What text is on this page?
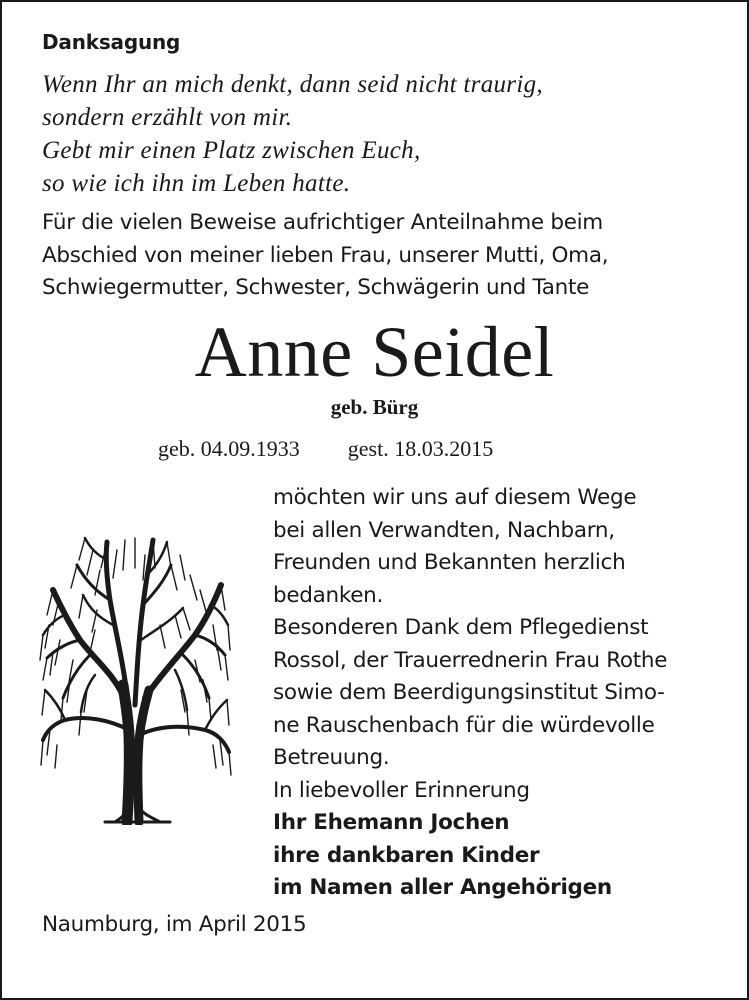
Danksagung
Wenn Ihr an mich denkt, dann seid nicht traurig,
sondern erzählt von mir.
Gebt mir einen Platz zwischen Euch,
so wie ich ihn im Leben hatte.
Für die vielen Beweise aufrichtiger Anteilnahme beim
Abschied von meiner lieben Frau, unserer Mutti, Oma,
Schwiegermutter, Schwester, Schwägerin und Tante
Anne Seidel
geb. Bürg
geb. 04.09.1933 gest. 18.03.2015
möchten wir uns auf diesem Wege
bei allen Verwandten, Nachbarn,
Freunden und Bekannten herzlich
bedanken.
Besonderen Dank dem Pflegedienst
Rossol, der Trauerrednerin Frau Rothe
sowie dem Beerdigungsinstitut Simo-
ne Rauschenbach für die würdevolle
Betreuung.
In liebevoller Erinnerung
Ihr Ehemann Jochen
ihre dankbaren Kinder
im Namen aller Angehörigen
Naumburg, im April 2015
